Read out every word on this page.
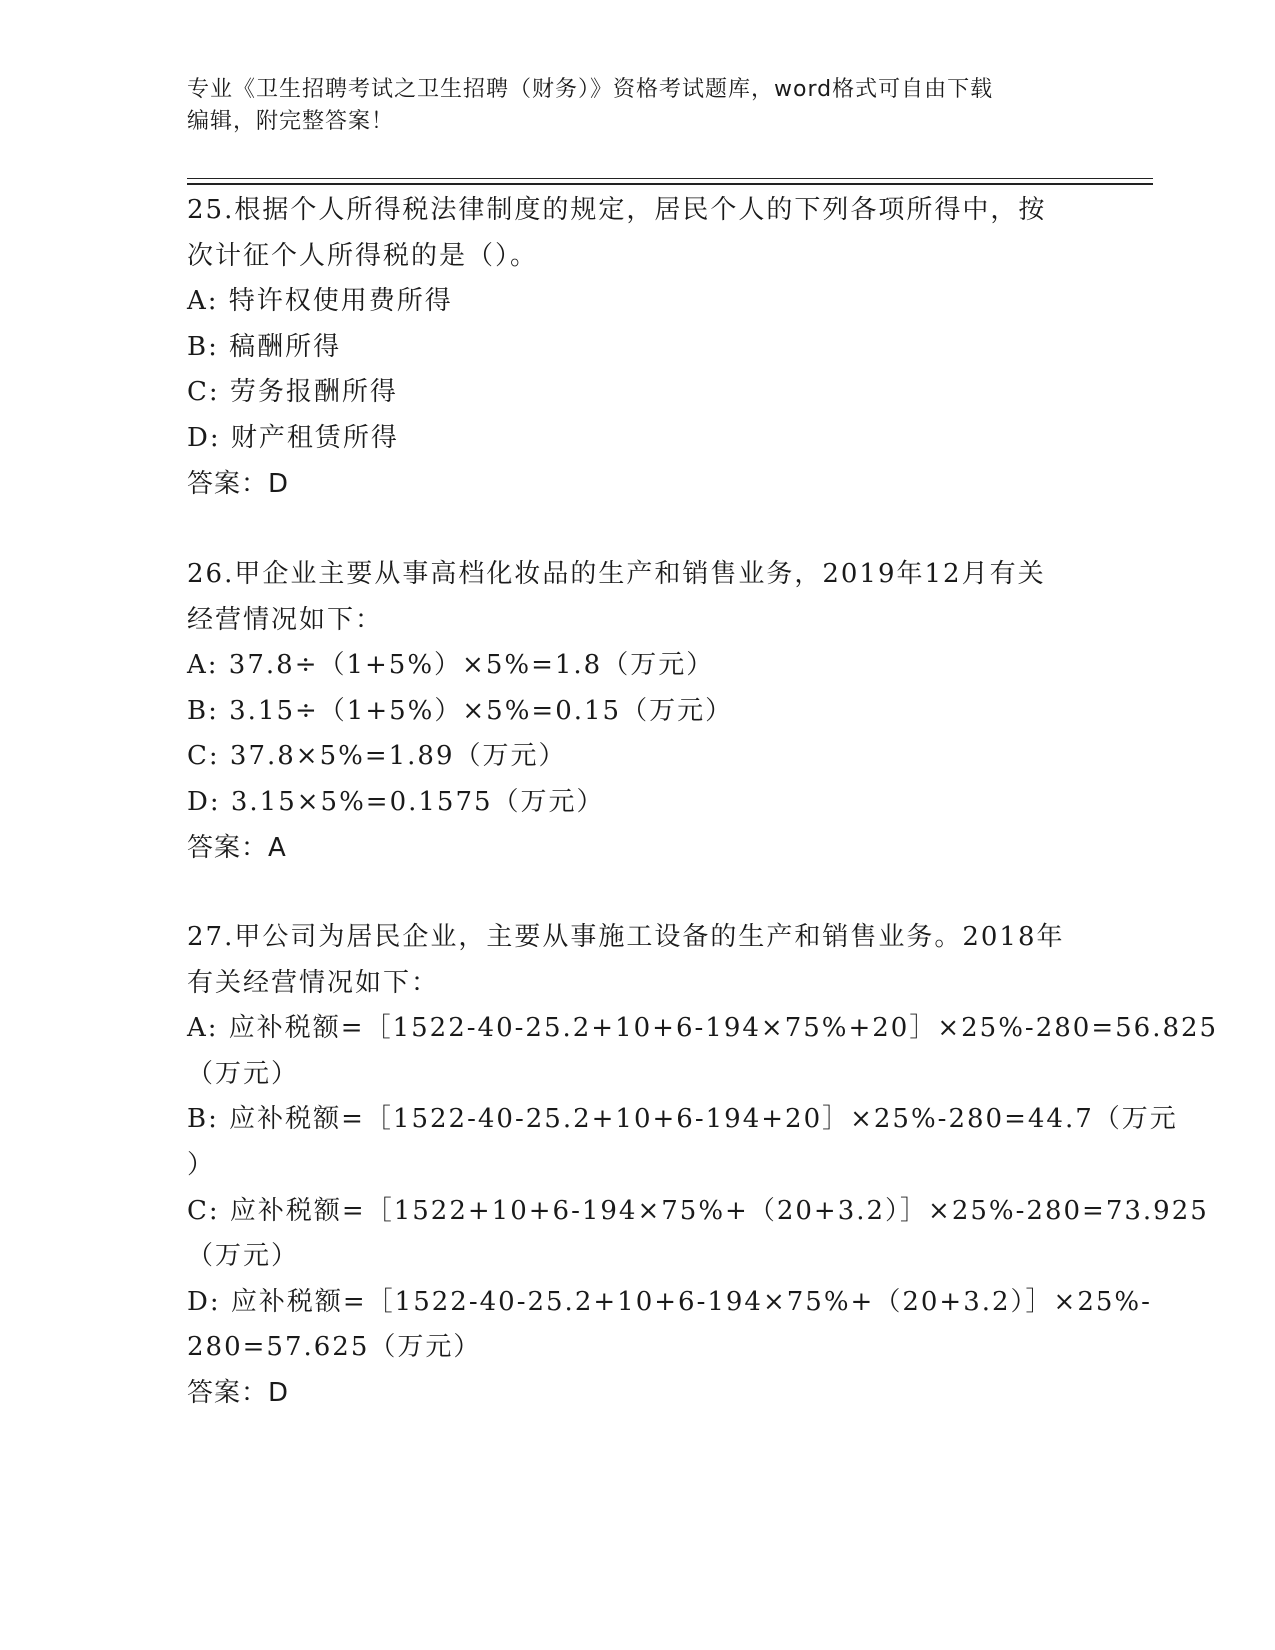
专业《卫生招聘考试之卫生招聘（财务）》资格考试题库，word格式可自由下载
编辑，附完整答案！
25.根据个人所得税法律制度的规定，居民个人的下列各项所得中，按
次计征个人所得税的是（）。
A: 特许权使用费所得
B: 稿酬所得
C: 劳务报酬所得
D: 财产租赁所得
答案：D
26.甲企业主要从事高档化妆品的生产和销售业务，2019年12月有关
经营情况如下：
A: 37.8÷（1+5%）×5%=1.8（万元）
B: 3.15÷（1+5%）×5%=0.15（万元）
C: 37.8×5%=1.89（万元）
D: 3.15×5%=0.1575（万元）
答案：A
27.甲公司为居民企业，主要从事施工设备的生产和销售业务。2018年
有关经营情况如下：
A: 应补税额=［1522-40-25.2+10+6-194×75%+20］×25%-280=56.825
（万元）
B: 应补税额=［1522-40-25.2+10+6-194+20］×25%-280=44.7（万元
）
C: 应补税额=［1522+10+6-194×75%+（20+3.2）］×25%-280=73.925
（万元）
D: 应补税额=［1522-40-25.2+10+6-194×75%+（20+3.2）］×25%-
280=57.625（万元）
答案：D
